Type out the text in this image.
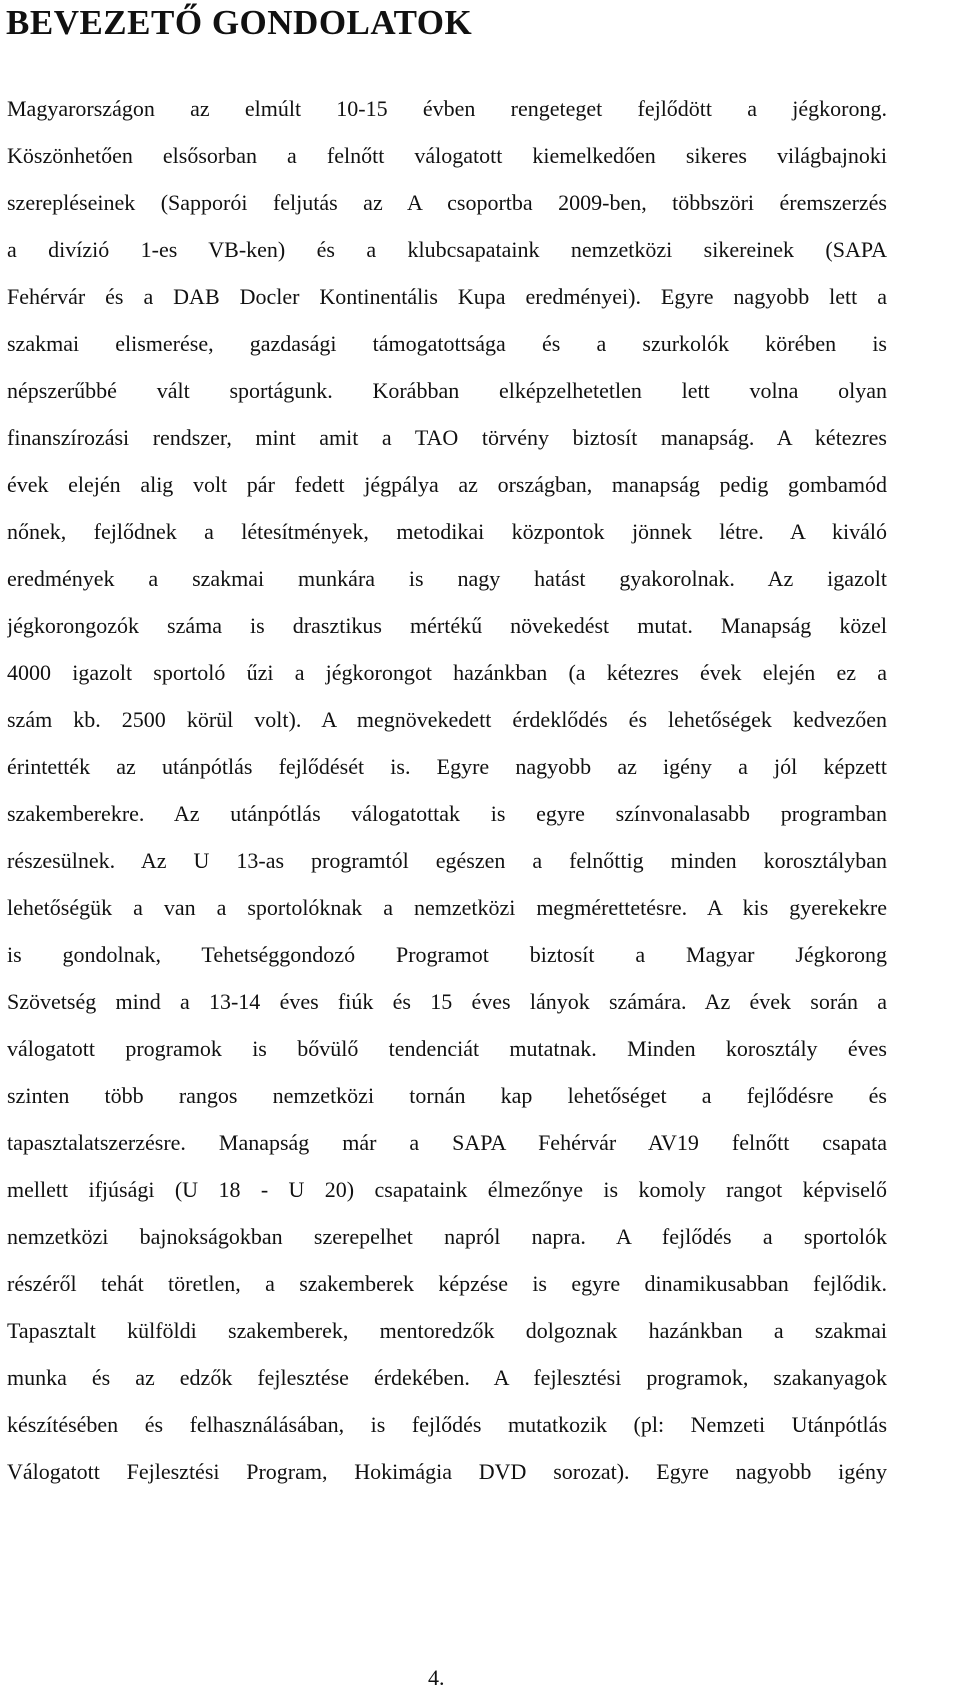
BEVEZETŐ GONDOLATOK
Magyarországon az elmúlt 10-15 évben rengeteget fejlődött a jégkorong.
Köszönhetően elsősorban a felnőtt válogatott kiemelkedően sikeres világbajnoki
szerepléseinek (Sapporói feljutás az A csoportba 2009-ben, többszöri éremszerzés
a divízió 1-es VB-ken) és a klubcsapataink nemzetközi sikereinek (SAPA
Fehérvár és a DAB Docler Kontinentális Kupa eredményei). Egyre nagyobb lett a
szakmai elismerése, gazdasági támogatottsága és a szurkolók körében is
népszerűbbé vált sportágunk. Korábban elképzelhetetlen lett volna olyan
finanszírozási rendszer, mint amit a TAO törvény biztosít manapság. A kétezres
évek elején alig volt pár fedett jégpálya az országban, manapság pedig gombamód
nőnek, fejlődnek a létesítmények, metodikai központok jönnek létre. A kiváló
eredmények a szakmai munkára is nagy hatást gyakorolnak. Az igazolt
jégkorongozók száma is drasztikus mértékű növekedést mutat. Manapság közel
4000 igazolt sportoló űzi a jégkorongot hazánkban (a kétezres évek elején ez a
szám kb. 2500 körül volt). A megnövekedett érdeklődés és lehetőségek kedvezően
érintették az utánpótlás fejlődését is. Egyre nagyobb az igény a jól képzett
szakemberekre. Az utánpótlás válogatottak is egyre színvonalasabb programban
részesülnek. Az U 13-as programtól egészen a felnőttig minden korosztályban
lehetőségük a van a sportolóknak a nemzetközi megmérettetésre. A kis gyerekekre
is gondolnak, Tehetséggondozó Programot biztosít a Magyar Jégkorong
Szövetség mind a 13-14 éves fiúk és 15 éves lányok számára. Az évek során a
válogatott programok is bővülő tendenciát mutatnak. Minden korosztály éves
szinten több rangos nemzetközi tornán kap lehetőséget a fejlődésre és
tapasztalatszerzésre. Manapság már a SAPA Fehérvár AV19 felnőtt csapata
mellett ifjúsági (U 18 - U 20) csapataink élmezőnye is komoly rangot képviselő
nemzetközi bajnokságokban szerepelhet napról napra. A fejlődés a sportolók
részéről tehát töretlen, a szakemberek képzése is egyre dinamikusabban fejlődik.
Tapasztalt külföldi szakemberek, mentoredzők dolgoznak hazánkban a szakmai
munka és az edzők fejlesztése érdekében. A fejlesztési programok, szakanyagok
készítésében és felhasználásában, is fejlődés mutatkozik (pl: Nemzeti Utánpótlás
Válogatott Fejlesztési Program, Hokimágia DVD sorozat). Egyre nagyobb igény
4.
